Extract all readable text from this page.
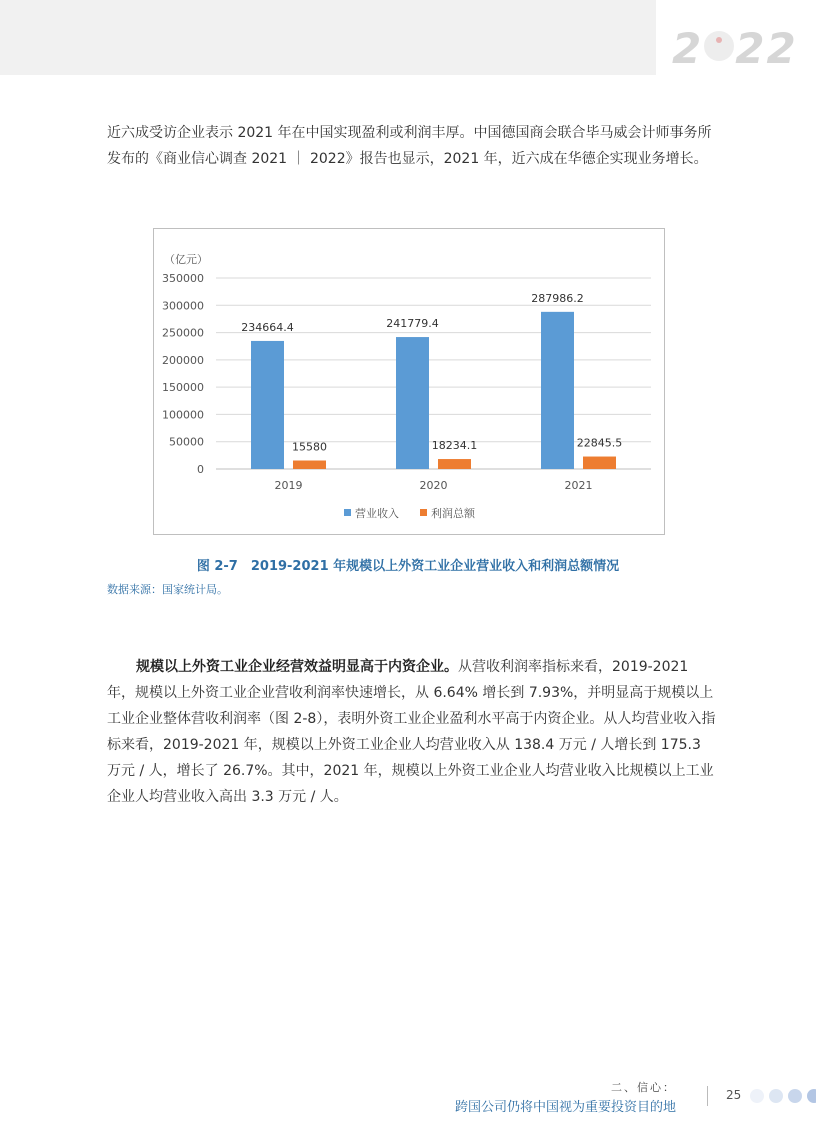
2 22

近六成受访企业表示 2021 年在中国实现盈利或利润丰厚。中国德国商会联合毕马威会计师事务所发布的《商业信心调查 2021 ｜ 2022》报告也显示，2021 年，近六成在华德企实现业务增长。

（亿元）
0
50000
100000
150000
200000
250000
300000
350000
234664.4
15580
2019
241779.4
18234.1
2020
287986.2
22845.5
2021
营业收入	利润总额
图 2-7　2019-2021 年规模以上外资工业企业营业收入和利润总额情况
数据来源：国家统计局。

规模以上外资工业企业经营效益明显高于内资企业。从营收利润率指标来看，2019-2021 年，规模以上外资工业企业营收利润率快速增长，从 6.64% 增长到 7.93%，并明显高于规模以上工业企业整体营收利润率（图 2-8），表明外资工业企业盈利水平高于内资企业。从人均营业收入指标来看，2019-2021 年，规模以上外资工业企业人均营业收入从 138.4 万元 / 人增长到 175.3 万元 / 人，增长了 26.7%。其中，2021 年，规模以上外资工业企业人均营业收入比规模以上工业企业人均营业收入高出 3.3 万元 / 人。

二、信心：
跨国公司仍将中国视为重要投资目的地
25
